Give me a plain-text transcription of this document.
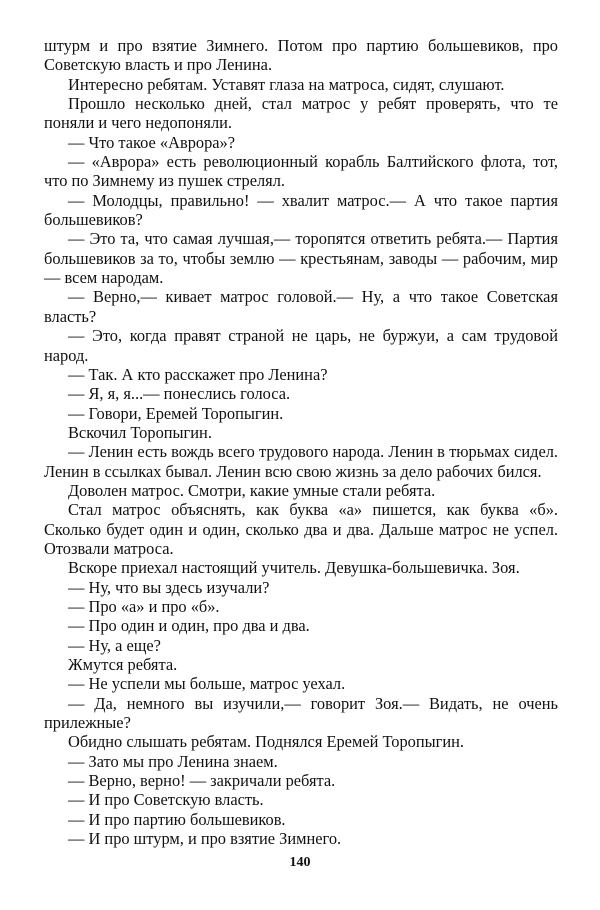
штурм и про взятие Зимнего. Потом про партию большевиков, про Советскую власть и про Ленина.

Интересно ребятам. Уставят глаза на матроса, сидят, слушают.

Прошло несколько дней, стал матрос у ребят проверять, что те поняли и чего недопоняли.

— Что такое «Аврора»?

— «Аврора» есть революционный корабль Балтийского флота, тот, что по Зимнему из пушек стрелял.

— Молодцы, правильно! — хвалит матрос.— А что такое партия большевиков?

— Это та, что самая лучшая,— торопятся ответить ребята.— Партия большевиков за то, чтобы землю — крестьянам, заводы — рабочим, мир — всем народам.

— Верно,— кивает матрос головой.— Ну, а что такое Советская власть?

— Это, когда правят страной не царь, не буржуи, а сам трудовой народ.

— Так. А кто расскажет про Ленина?

— Я, я, я...— понеслись голоса.

— Говори, Еремей Торопыгин.

Вскочил Торопыгин.

— Ленин есть вождь всего трудового народа. Ленин в тюрьмах сидел. Ленин в ссылках бывал. Ленин всю свою жизнь за дело рабочих бился.

Доволен матрос. Смотри, какие умные стали ребята.

Стал матрос объяснять, как буква «а» пишется, как буква «б». Сколько будет один и один, сколько два и два. Дальше матрос не успел. Отозвали матроса.

Вскоре приехал настоящий учитель. Девушка-большевичка. Зоя.

— Ну, что вы здесь изучали?

— Про «а» и про «б».

— Про один и один, про два и два.

— Ну, а еще?

Жмутся ребята.

— Не успели мы больше, матрос уехал.

— Да, немного вы изучили,— говорит Зоя.— Видать, не очень прилежные?

Обидно слышать ребятам. Поднялся Еремей Торопыгин.

— Зато мы про Ленина знаем.

— Верно, верно! — закричали ребята.

— И про Советскую власть.

— И про партию большевиков.

— И про штурм, и про взятие Зимнего.

140
